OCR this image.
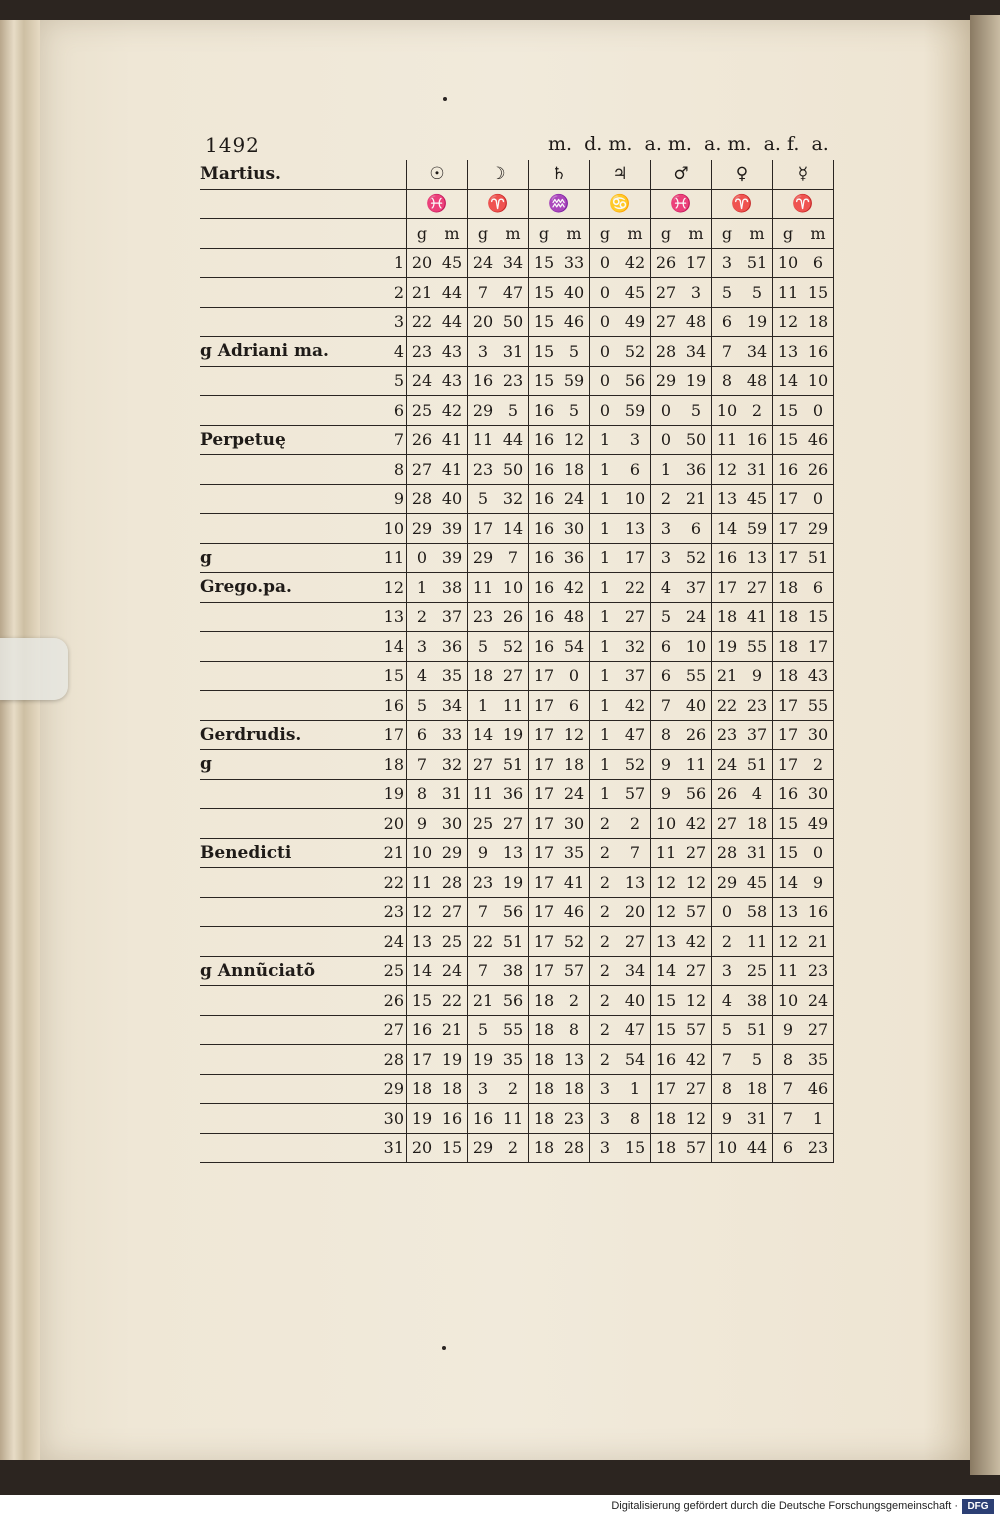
1492	m.  d. m.  a. m.  a. m.  a. f.  a.
Martius.		☉		☽		♄		♃		♂		♀		☿	
		♓		♈		♒		♋		♓		♈		♈	
		g	m	g	m	g	m	g	m	g	m	g	m	g	m
	1	20	45	24	34	15	33	0	42	26	17	3	51	10	6
	2	21	44	7	47	15	40	0	45	27	3	5	5	11	15
	3	22	44	20	50	15	46	0	49	27	48	6	19	12	18
g Adriani ma.	4	23	43	3	31	15	5	0	52	28	34	7	34	13	16
	5	24	43	16	23	15	59	0	56	29	19	8	48	14	10
	6	25	42	29	5	16	5	0	59	0	5	10	2	15	0
Perpetuę	7	26	41	11	44	16	12	1	3	0	50	11	16	15	46
	8	27	41	23	50	16	18	1	6	1	36	12	31	16	26
	9	28	40	5	32	16	24	1	10	2	21	13	45	17	0
	10	29	39	17	14	16	30	1	13	3	6	14	59	17	29
g	11	0	39	29	7	16	36	1	17	3	52	16	13	17	51
Grego.pa.	12	1	38	11	10	16	42	1	22	4	37	17	27	18	6
	13	2	37	23	26	16	48	1	27	5	24	18	41	18	15
	14	3	36	5	52	16	54	1	32	6	10	19	55	18	17
	15	4	35	18	27	17	0	1	37	6	55	21	9	18	43
	16	5	34	1	11	17	6	1	42	7	40	22	23	17	55
Gerdrudis.	17	6	33	14	19	17	12	1	47	8	26	23	37	17	30
g	18	7	32	27	51	17	18	1	52	9	11	24	51	17	2
	19	8	31	11	36	17	24	1	57	9	56	26	4	16	30
	20	9	30	25	27	17	30	2	2	10	42	27	18	15	49
Benedicti	21	10	29	9	13	17	35	2	7	11	27	28	31	15	0
	22	11	28	23	19	17	41	2	13	12	12	29	45	14	9
	23	12	27	7	56	17	46	2	20	12	57	0	58	13	16
	24	13	25	22	51	17	52	2	27	13	42	2	11	12	21
g Annũciatõ	25	14	24	7	38	17	57	2	34	14	27	3	25	11	23
	26	15	22	21	56	18	2	2	40	15	12	4	38	10	24
	27	16	21	5	55	18	8	2	47	15	57	5	51	9	27
	28	17	19	19	35	18	13	2	54	16	42	7	5	8	35
	29	18	18	3	2	18	18	3	1	17	27	8	18	7	46
	30	19	16	16	11	18	23	3	8	18	12	9	31	7	1
	31	20	15	29	2	18	28	3	15	18	57	10	44	6	23
Digitalisierung gefördert durch die Deutsche Forschungsgemeinschaft · DFG
